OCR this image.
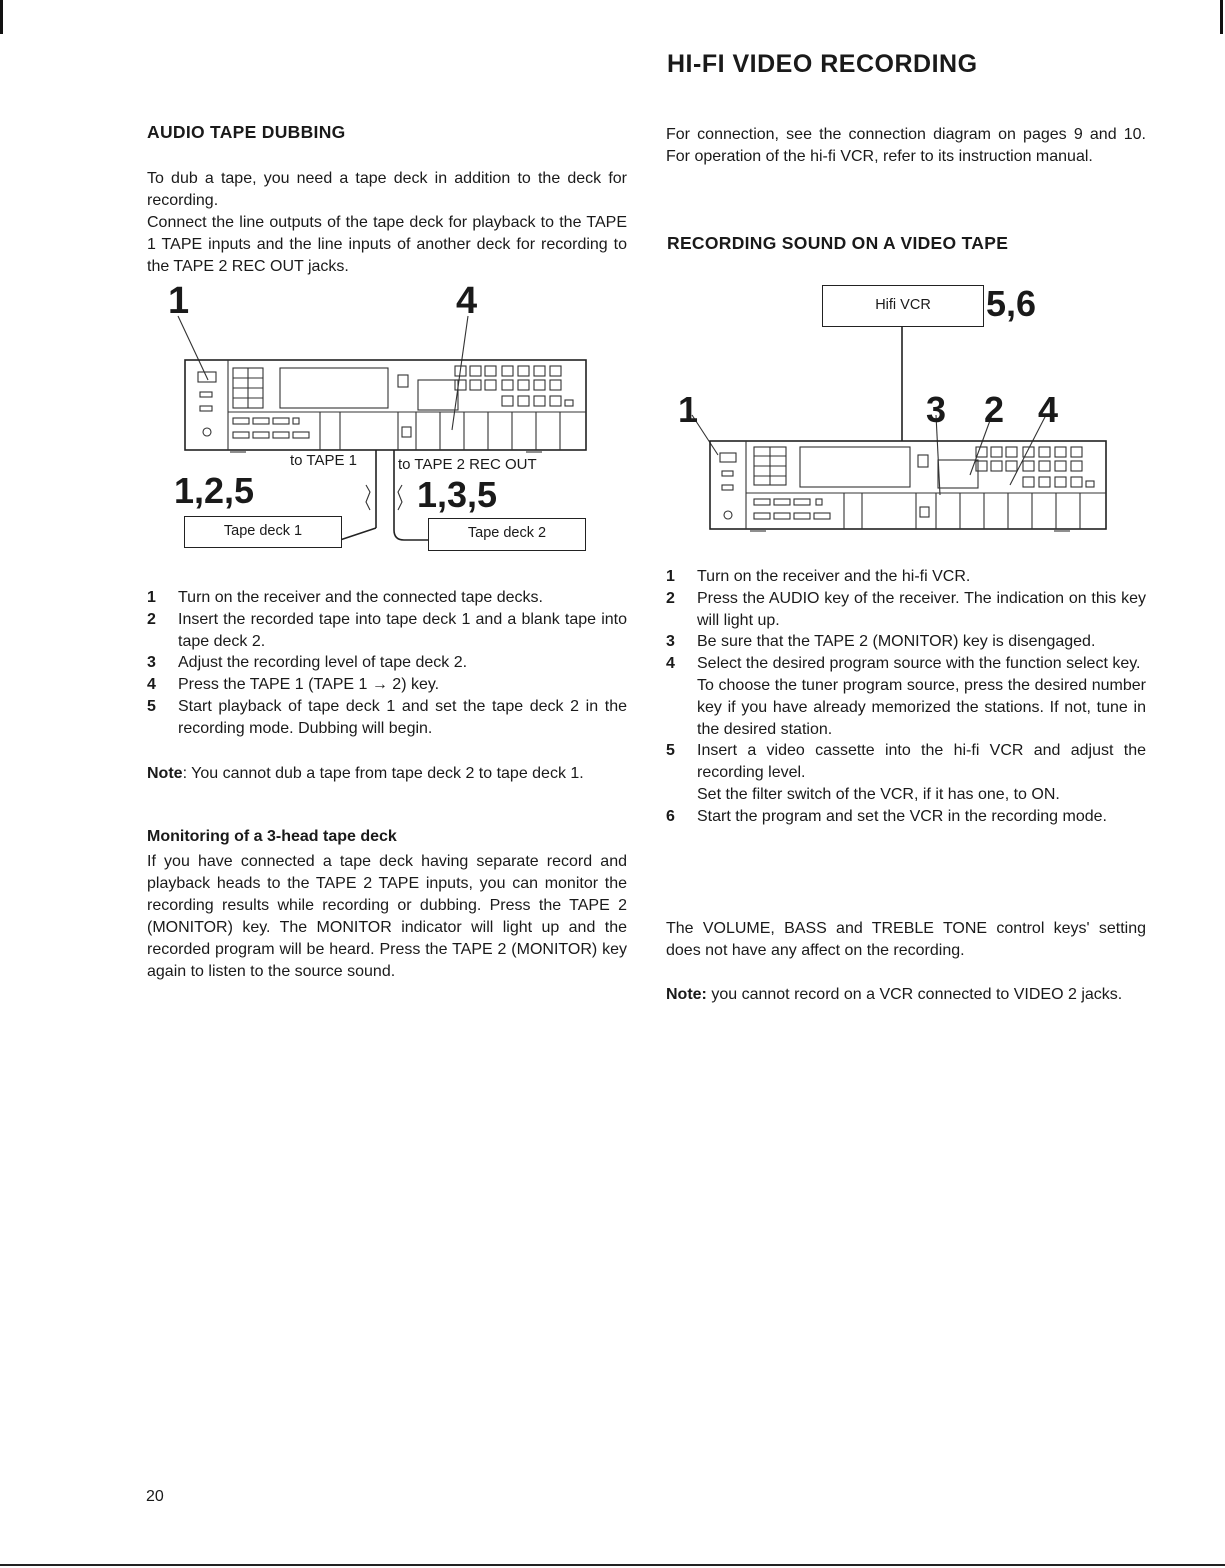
HI-FI VIDEO RECORDING
AUDIO TAPE DUBBING

To dub a tape, you need a tape deck in addition to the deck for recording.

Connect the line outputs of the tape deck for playback to the TAPE 1 TAPE inputs and the line inputs of another deck for recording to the TAPE 2 REC OUT jacks.

1	4
to TAPE 1	to TAPE 2 REC OUT
1,2,5	1,3,5
Tape deck 1	Tape deck 2
1 Turn on the receiver and the connected tape decks.
2 Insert the recorded tape into tape deck 1 and a blank tape into tape deck 2.
3 Adjust the recording level of tape deck 2.
4 Press the TAPE 1 (TAPE 1 → 2) key.
5 Start playback of tape deck 1 and set the tape deck 2 in the recording mode. Dubbing will begin.
Note: You cannot dub a tape from tape deck 2 to tape deck 1.
Monitoring of a 3-head tape deck
If you have connected a tape deck having separate record and playback heads to the TAPE 2 TAPE inputs, you can monitor the recording results while recording or dubbing. Press the TAPE 2 (MONITOR) key. The MONITOR indicator will light up and the recorded program will be heard. Press the TAPE 2 (MONITOR) key again to listen to the source sound.
For connection, see the connection diagram on pages 9 and 10. For operation of the hi-fi VCR, refer to its instruction manual.
RECORDING SOUND ON A VIDEO TAPE
Hifi VCR	5,6
1	3 2 4
1 Turn on the receiver and the hi-fi VCR.
2 Press the AUDIO key of the receiver. The indication on this key will light up.
3 Be sure that the TAPE 2 (MONITOR) key is disengaged.
4 Select the desired program source with the function select key.
To choose the tuner program source, press the desired number key if you have already memorized the stations. If not, tune in the desired station.
5 Insert a video cassette into the hi-fi VCR and adjust the recording level.
Set the filter switch of the VCR, if it has one, to ON.
6 Start the program and set the VCR in the recording mode.
The VOLUME, BASS and TREBLE TONE control keys' setting does not have any affect on the recording.
Note: you cannot record on a VCR connected to VIDEO 2 jacks.
20
